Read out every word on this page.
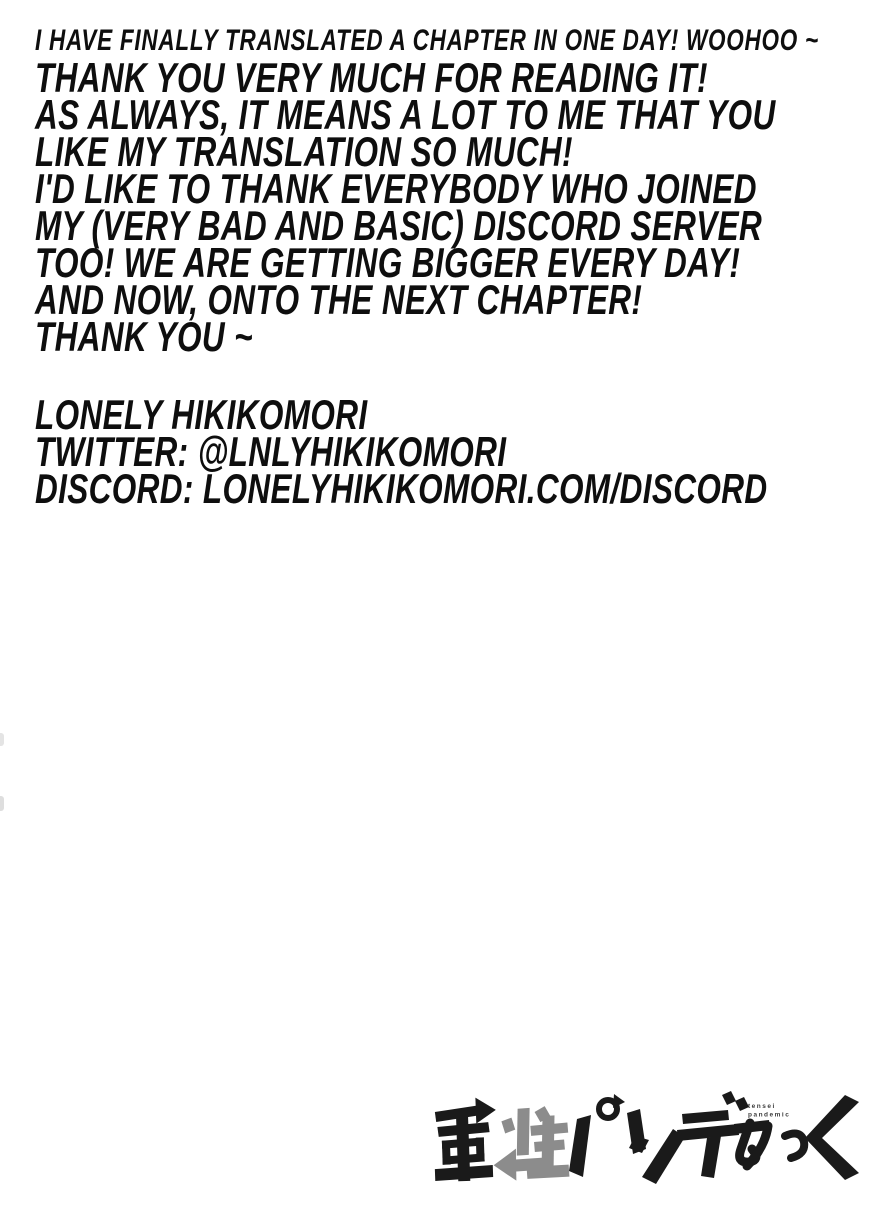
I HAVE FINALLY TRANSLATED A CHAPTER IN ONE DAY! WOOHOO ~

THANK YOU VERY MUCH FOR READING IT!

AS ALWAYS, IT MEANS A LOT TO ME THAT YOU

LIKE MY TRANSLATION SO MUCH!

I'D LIKE TO THANK EVERYBODY WHO JOINED

MY (VERY BAD AND BASIC) DISCORD SERVER

TOO! WE ARE GETTING BIGGER EVERY DAY!

AND NOW, ONTO THE NEXT CHAPTER!

THANK YOU ~

LONELY HIKIKOMORI

TWITTER: @LNLYHIKIKOMORI

DISCORD: LONELYHIKIKOMORI.COM/DISCORD

tensei
pandemic
